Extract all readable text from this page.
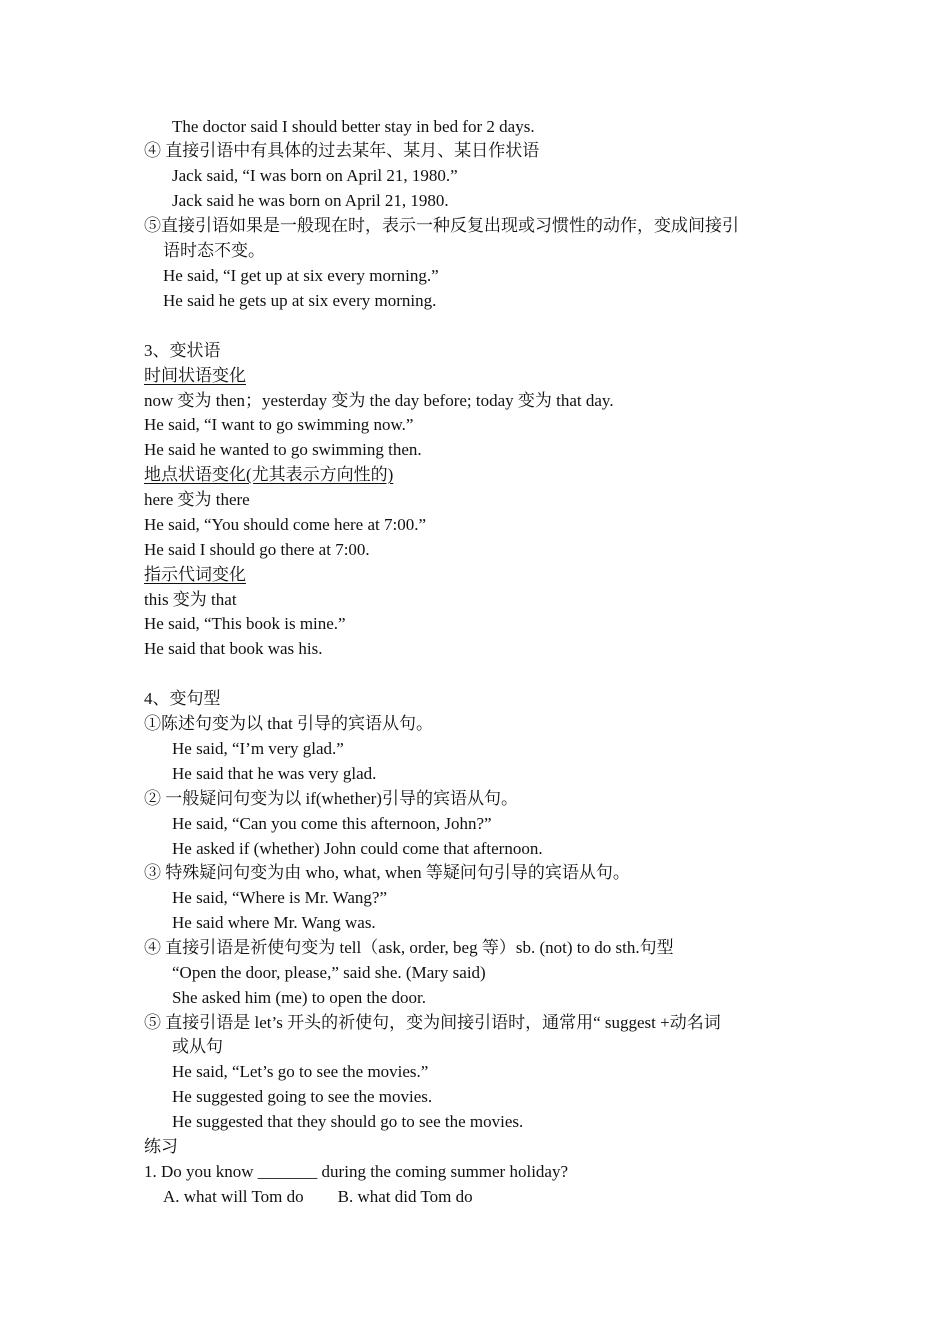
The doctor said I should better stay in bed for 2 days.
④ 直接引语中有具体的过去某年、某月、某日作状语
Jack said, “I was born on April 21, 1980.”
Jack said he was born on April 21, 1980.
⑤直接引语如果是一般现在时，表示一种反复出现或习惯性的动作，变成间接引
语时态不变。
He said, “I get up at six every morning.”
He said he gets up at six every morning.
3、变状语
时间状语变化
now 变为 then；yesterday 变为 the day before; today 变为 that day.
He said, “I want to go swimming now.”
He said he wanted to go swimming then.
地点状语变化(尤其表示方向性的)
here 变为 there
He said, “You should come here at 7:00.”
He said I should go there at 7:00.
指示代词变化
this 变为 that
He said, “This book is mine.”
He said that book was his.
4、变句型
①陈述句变为以 that 引导的宾语从句。
He said, “I’m very glad.”
He said that he was very glad.
② 一般疑问句变为以 if(whether)引导的宾语从句。
He said, “Can you come this afternoon, John?”
He asked if (whether) John could come that afternoon.
③ 特殊疑问句变为由 who, what, when 等疑问句引导的宾语从句。
He said, “Where is Mr. Wang?”
He said where Mr. Wang was.
④ 直接引语是祈使句变为 tell（ask, order, beg 等）sb. (not) to do sth.句型
“Open the door, please,” said she. (Mary said)
She asked him (me) to open the door.
⑤ 直接引语是 let’s 开头的祈使句，变为间接引语时，通常用“ suggest +动名词
或从句
He said, “Let’s go to see the movies.”
He suggested going to see the movies.
He suggested that they should go to see the movies.
练习
1. Do you know _______ during the coming summer holiday?
A. what will Tom do        B. what did Tom do
